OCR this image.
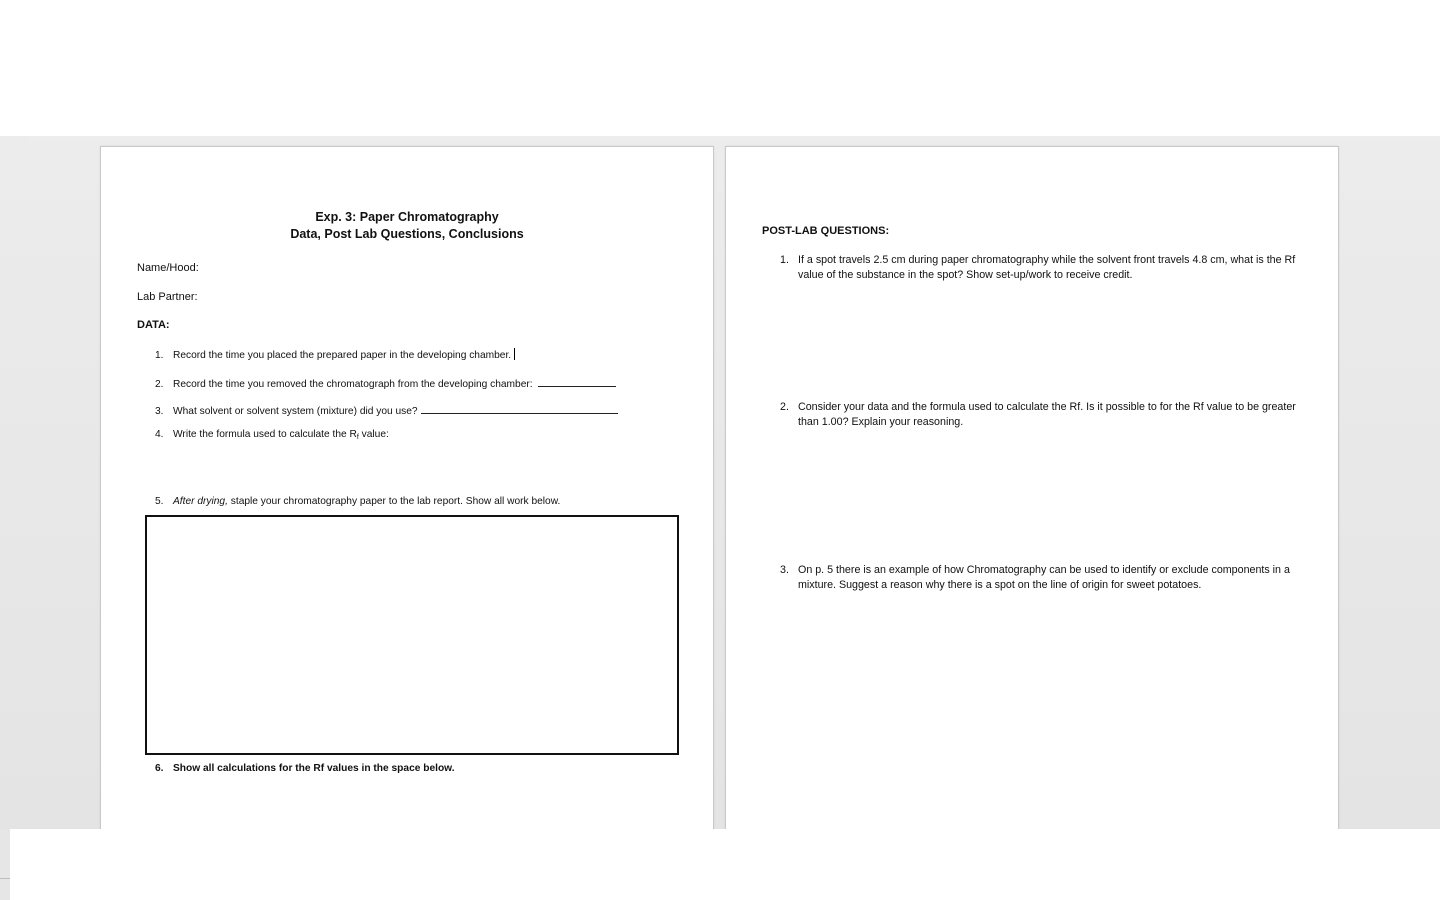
Exp. 3: Paper Chromatography
Data, Post Lab Questions, Conclusions
Name/Hood:
Lab Partner:
DATA:
1. Record the time you placed the prepared paper in the developing chamber.
2. Record the time you removed the chromatograph from the developing chamber:
3. What solvent or solvent system (mixture) did you use?
4. Write the formula used to calculate the $R_f$ value:
5. After drying, staple your chromatography paper to the lab report. Show all work below.
6. Show all calculations for the Rf values in the space below.
POST-LAB QUESTIONS:
1. If a spot travels 2.5 cm during paper chromatography while the solvent front travels 4.8 cm, what is the Rf value of the substance in the spot? Show set-up/work to receive credit.
2. Consider your data and the formula used to calculate the Rf. Is it possible to for the Rf value to be greater than 1.00? Explain your reasoning.
3. On p. 5 there is an example of how Chromatography can be used to identify or exclude components in a mixture. Suggest a reason why there is a spot on the line of origin for sweet potatoes.
